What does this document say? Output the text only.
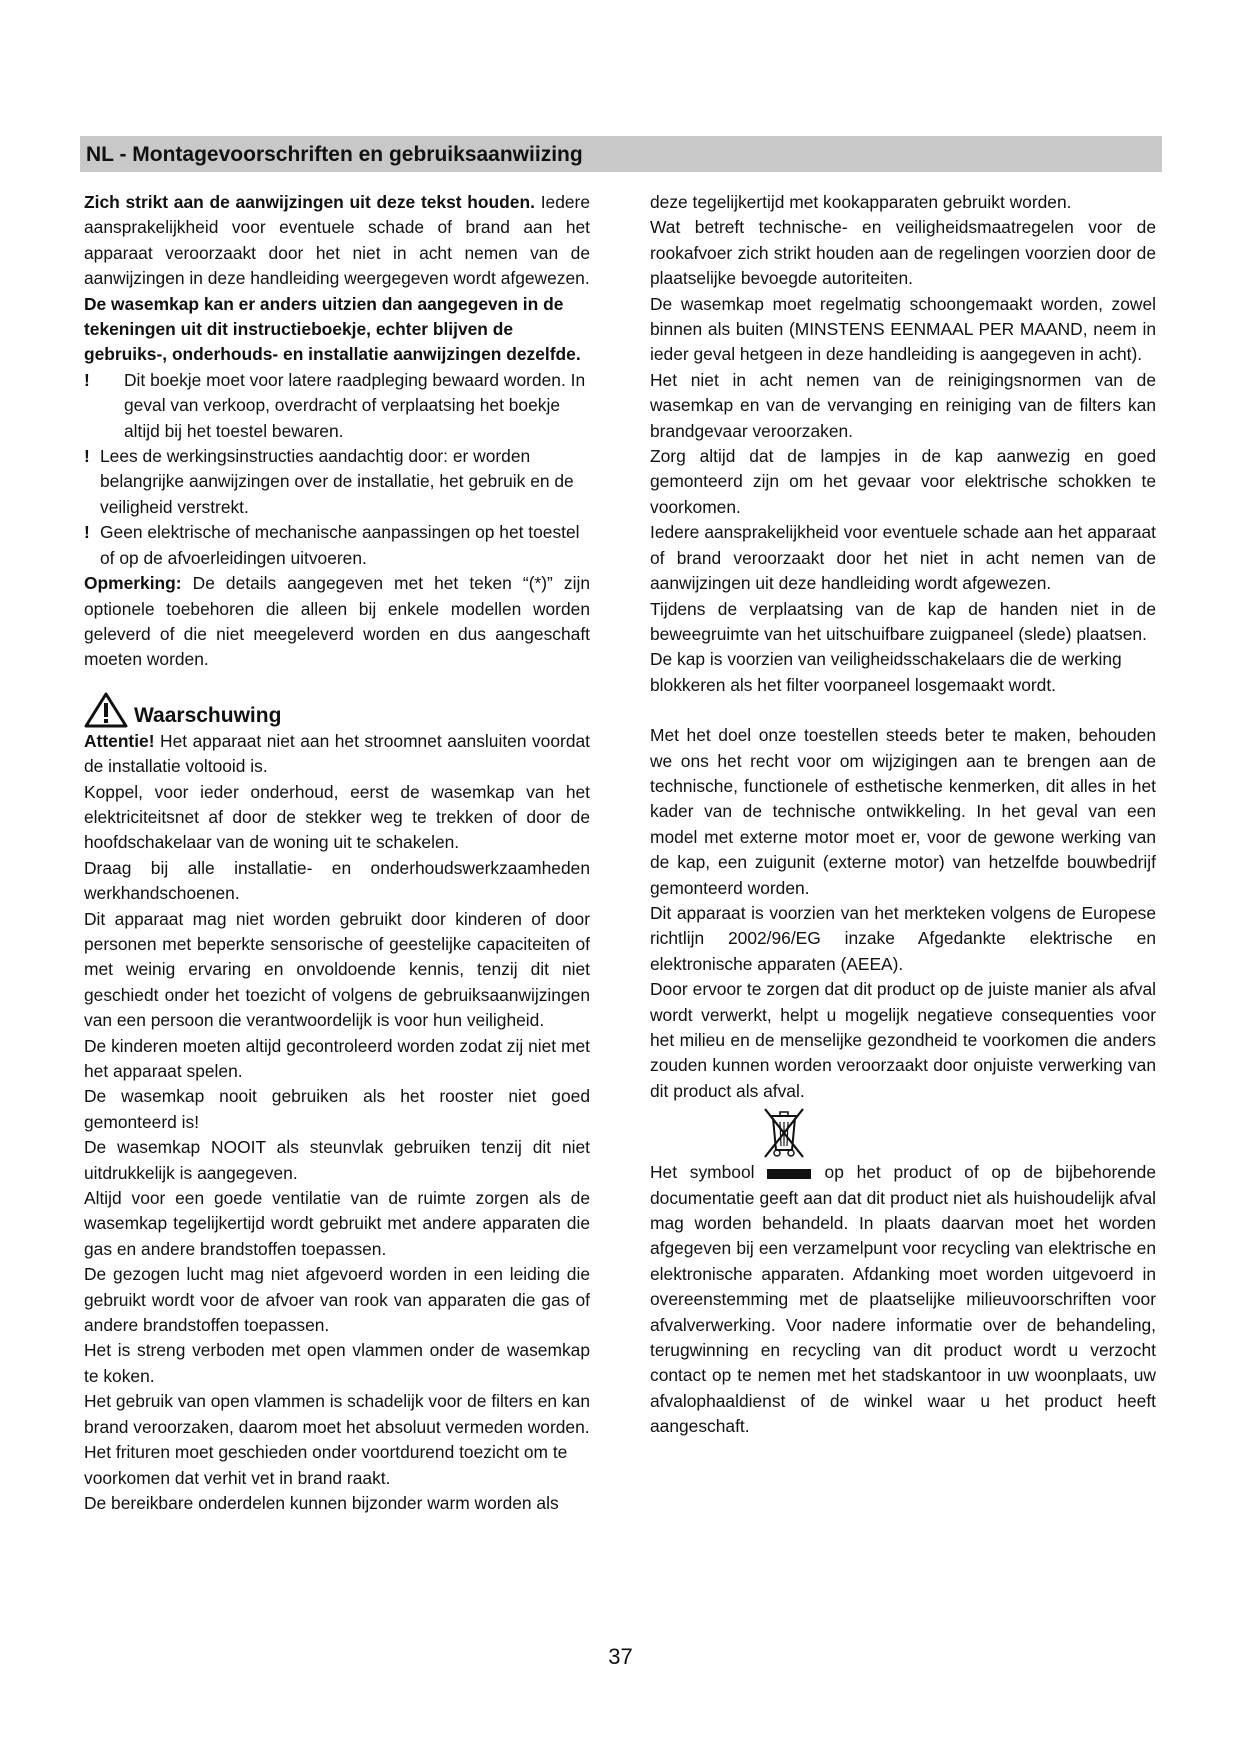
NL - Montagevoorschriften en gebruiksaanwiizing

Zich strikt aan de aanwijzingen uit deze tekst houden. Iedere aansprakelijkheid voor eventuele schade of brand aan het apparaat veroorzaakt door het niet in acht nemen van de aanwijzingen in deze handleiding weergegeven wordt afgewezen.

De wasemkap kan er anders uitzien dan aangegeven in de tekeningen uit dit instructieboekje, echter blijven de gebruiks-, onderhouds- en installatie aanwijzingen dezelfde.

!	Dit boekje moet voor latere raadpleging bewaard worden. In geval van verkoop, overdracht of verplaatsing het boekje altijd bij het toestel bewaren.
! Lees de werkingsinstructies aandachtig door: er worden belangrijke aanwijzingen over de installatie, het gebruik en de veiligheid verstrekt.
! Geen elektrische of mechanische aanpassingen op het toestel of op de afvoerleidingen uitvoeren.

Opmerking: De details aangegeven met het teken “(*)” zijn optionele toebehoren die alleen bij enkele modellen worden geleverd of die niet meegeleverd worden en dus aangeschaft moeten worden.

Waarschuwing

Attentie! Het apparaat niet aan het stroomnet aansluiten voordat de installatie voltooid is.

Koppel, voor ieder onderhoud, eerst de wasemkap van het elektriciteitsnet af door de stekker weg te trekken of door de hoofdschakelaar van de woning uit te schakelen.

Draag bij alle installatie- en onderhoudswerkzaamheden werkhandschoenen.

Dit apparaat mag niet worden gebruikt door kinderen of door personen met beperkte sensorische of geestelijke capaciteiten of met weinig ervaring en onvoldoende kennis, tenzij dit niet geschiedt onder het toezicht of volgens de gebruiksaanwijzingen van een persoon die verantwoordelijk is voor hun veiligheid.

De kinderen moeten altijd gecontroleerd worden zodat zij niet met het apparaat spelen.

De wasemkap nooit gebruiken als het rooster niet goed gemonteerd is!

De wasemkap NOOIT als steunvlak gebruiken tenzij dit niet uitdrukkelijk is aangegeven.

Altijd voor een goede ventilatie van de ruimte zorgen als de wasemkap tegelijkertijd wordt gebruikt met andere apparaten die gas en andere brandstoffen toepassen.

De gezogen lucht mag niet afgevoerd worden in een leiding die gebruikt wordt voor de afvoer van rook van apparaten die gas of andere brandstoffen toepassen.

Het is streng verboden met open vlammen onder de wasemkap te koken.

Het gebruik van open vlammen is schadelijk voor de filters en kan brand veroorzaken, daarom moet het absoluut vermeden worden.

Het frituren moet geschieden onder voortdurend toezicht om te voorkomen dat verhit vet in brand raakt.

De bereikbare onderdelen kunnen bijzonder warm worden als

deze tegelijkertijd met kookapparaten gebruikt worden.

Wat betreft technische- en veiligheidsmaatregelen voor de rookafvoer zich strikt houden aan de regelingen voorzien door de plaatselijke bevoegde autoriteiten.

De wasemkap moet regelmatig schoongemaakt worden, zowel binnen als buiten (MINSTENS EENMAAL PER MAAND, neem in ieder geval hetgeen in deze handleiding is aangegeven in acht).

Het niet in acht nemen van de reinigingsnormen van de wasemkap en van de vervanging en reiniging van de filters kan brandgevaar veroorzaken.

Zorg altijd dat de lampjes in de kap aanwezig en goed gemonteerd zijn om het gevaar voor elektrische schokken te voorkomen.

Iedere aansprakelijkheid voor eventuele schade aan het apparaat of brand veroorzaakt door het niet in acht nemen van de aanwijzingen uit deze handleiding wordt afgewezen.

Tijdens de verplaatsing van de kap de handen niet in de beweegruimte van het uitschuifbare zuigpaneel (slede) plaatsen.

De kap is voorzien van veiligheidsschakelaars die de werking blokkeren als het filter voorpaneel losgemaakt wordt.

Met het doel onze toestellen steeds beter te maken, behouden we ons het recht voor om wijzigingen aan te brengen aan de technische, functionele of esthetische kenmerken, dit alles in het kader van de technische ontwikkeling. In het geval van een model met externe motor moet er, voor de gewone werking van de kap, een zuigunit (externe motor) van hetzelfde bouwbedrijf gemonteerd worden.

Dit apparaat is voorzien van het merkteken volgens de Europese richtlijn 2002/96/EG inzake Afgedankte elektrische en elektronische apparaten (AEEA).

Door ervoor te zorgen dat dit product op de juiste manier als afval wordt verwerkt, helpt u mogelijk negatieve consequenties voor het milieu en de menselijke gezondheid te voorkomen die anders zouden kunnen worden veroorzaakt door onjuiste verwerking van dit product als afval.

Het symbool	op het product of op de bijbehorende documentatie geeft aan dat dit product niet als huishoudelijk afval mag worden behandeld. In plaats daarvan moet het worden afgegeven bij een verzamelpunt voor recycling van elektrische en elektronische apparaten. Afdanking moet worden uitgevoerd in overeenstemming met de plaatselijke milieuvoorschriften voor afvalverwerking. Voor nadere informatie over de behandeling, terugwinning en recycling van dit product wordt u verzocht contact op te nemen met het stadskantoor in uw woonplaats, uw afvalophaaldienst of de winkel waar u het product heeft aangeschaft.

37
